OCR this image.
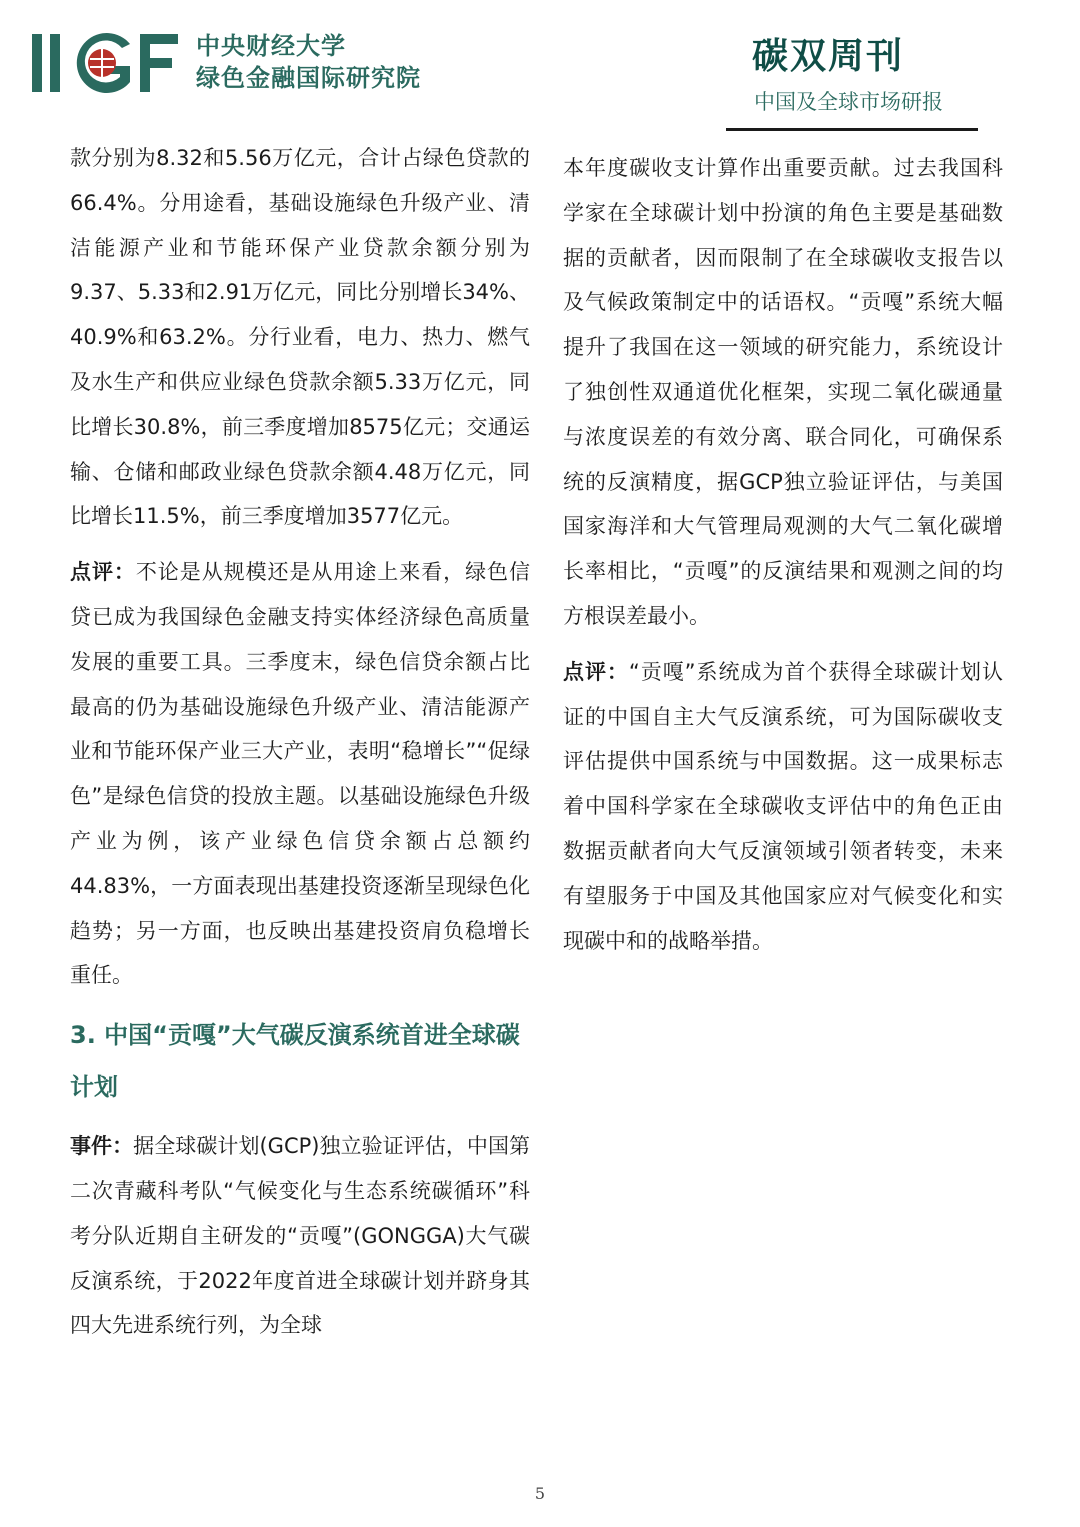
中央财经大学
绿色金融国际研究院
碳双周刊
中国及全球市场研报

款分别为8.32和5.56万亿元，合计占绿色贷款的66.4%。分用途看，基础设施绿色升级产业、清洁能源产业和节能环保产业贷款余额分别为9.37、5.33和2.91万亿元，同比分别增长34%、40.9%和63.2%。分行业看，电力、热力、燃气及水生产和供应业绿色贷款余额5.33万亿元，同比增长30.8%，前三季度增加8575亿元；交通运输、仓储和邮政业绿色贷款余额4.48万亿元，同比增长11.5%，前三季度增加3577亿元。

点评：不论是从规模还是从用途上来看，绿色信贷已成为我国绿色金融支持实体经济绿色高质量发展的重要工具。三季度末，绿色信贷余额占比最高的仍为基础设施绿色升级产业、清洁能源产业和节能环保产业三大产业，表明“稳增长”“促绿色”是绿色信贷的投放主题。以基础设施绿色升级产业为例，该产业绿色信贷余额占总额约44.83%，一方面表现出基建投资逐渐呈现绿色化趋势；另一方面，也反映出基建投资肩负稳增长重任。

3. 中国“贡嘎”大气碳反演系统首进全球碳计划

事件：据全球碳计划(GCP)独立验证评估，中国第二次青藏科考队“气候变化与生态系统碳循环”科考分队近期自主研发的“贡嘎”(GONGGA)大气碳反演系统，于2022年度首进全球碳计划并跻身其四大先进系统行列，为全球

本年度碳收支计算作出重要贡献。过去我国科学家在全球碳计划中扮演的角色主要是基础数据的贡献者，因而限制了在全球碳收支报告以及气候政策制定中的话语权。“贡嘎”系统大幅提升了我国在这一领域的研究能力，系统设计了独创性双通道优化框架，实现二氧化碳通量与浓度误差的有效分离、联合同化，可确保系统的反演精度，据GCP独立验证评估，与美国国家海洋和大气管理局观测的大气二氧化碳增长率相比，“贡嘎”的反演结果和观测之间的均方根误差最小。

点评：“贡嘎”系统成为首个获得全球碳计划认证的中国自主大气反演系统，可为国际碳收支评估提供中国系统与中国数据。这一成果标志着中国科学家在全球碳收支评估中的角色正由数据贡献者向大气反演领域引领者转变，未来有望服务于中国及其他国家应对气候变化和实现碳中和的战略举措。

5
